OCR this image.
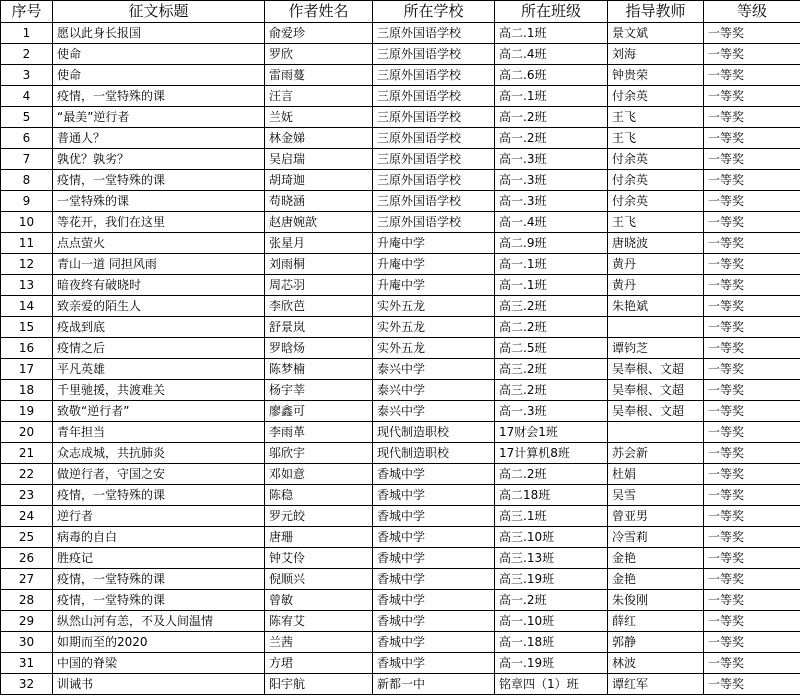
序号	征文标题	作者姓名	所在学校	所在班级	指导教师	等级
1	愿以此身长报国	俞爱珍	三原外国语学校	高二.1班	景文斌	一等奖
2	使命	罗欣	三原外国语学校	高二.4班	刘海	一等奖
3	使命	雷雨蔓	三原外国语学校	高二.6班	钟贵荣	一等奖
4	疫情，一堂特殊的课	汪言	三原外国语学校	高一.1班	付余英	一等奖
5	“最美”逆行者	兰妩	三原外国语学校	高一.2班	王飞	一等奖
6	普通人？	林金娣	三原外国语学校	高一.2班	王飞	一等奖
7	孰优？孰劣？	吴启瑞	三原外国语学校	高一.3班	付余英	一等奖
8	疫情，一堂特殊的课	胡琦迦	三原外国语学校	高一.3班	付余英	一等奖
9	一堂特殊的课	苟晓涵	三原外国语学校	高一.3班	付余英	一等奖
10	等花开，我们在这里	赵唐婉歆	三原外国语学校	高一.4班	王飞	一等奖
11	点点萤火	张星月	升庵中学	高二.9班	唐晓波	一等奖
12	青山一道 同担风雨	刘雨桐	升庵中学	高一.1班	黄丹	一等奖
13	暗夜终有破晓时	周芯羽	升庵中学	高一.1班	黄丹	一等奖
14	致亲爱的陌生人	李欣芭	实外五龙	高三.2班	朱艳斌	一等奖
15	疫战到底	舒景岚	实外五龙	高二.2班		一等奖
16	疫情之后	罗晗炀	实外五龙	高二.5班	谭钧芝	一等奖
17	平凡英雄	陈梦楠	泰兴中学	高三.2班	吴奉根、文超	一等奖
18	千里驰援，共渡难关	杨宇莘	泰兴中学	高三.2班	吴奉根、文超	一等奖
19	致敬“逆行者”	廖鑫可	泰兴中学	高一.3班	吴奉根、文超	一等奖
20	青年担当	李雨革	现代制造职校	17财会1班		一等奖
21	众志成城，共抗肺炎	邬欣宇	现代制造职校	17计算机8班	苏会新	一等奖
22	做逆行者，守国之安	邓如意	香城中学	高二.2班	杜娟	一等奖
23	疫情，一堂特殊的课	陈稳	香城中学	高二18班	吴雪	一等奖
24	逆行者	罗元皎	香城中学	高三.1班	曾亚男	一等奖
25	病毒的自白	唐珊	香城中学	高三.10班	冷雪莉	一等奖
26	胜疫记	钟艾伶	香城中学	高三.13班	金艳	一等奖
27	疫情，一堂特殊的课	倪顺兴	香城中学	高三.19班	金艳	一等奖
28	疫情，一堂特殊的课	曾敏	香城中学	高一.2班	朱俊刚	一等奖
29	纵然山河有恙，不及人间温情	陈宥艾	香城中学	高一.10班	薛红	一等奖
30	如期而至的2020	兰茜	香城中学	高一.18班	郭静	一等奖
31	中国的脊梁	方珺	香城中学	高一.19班	林波	一等奖
32	训诫书	阳宇航	新都一中	铭章四（1）班	谭红军	一等奖
